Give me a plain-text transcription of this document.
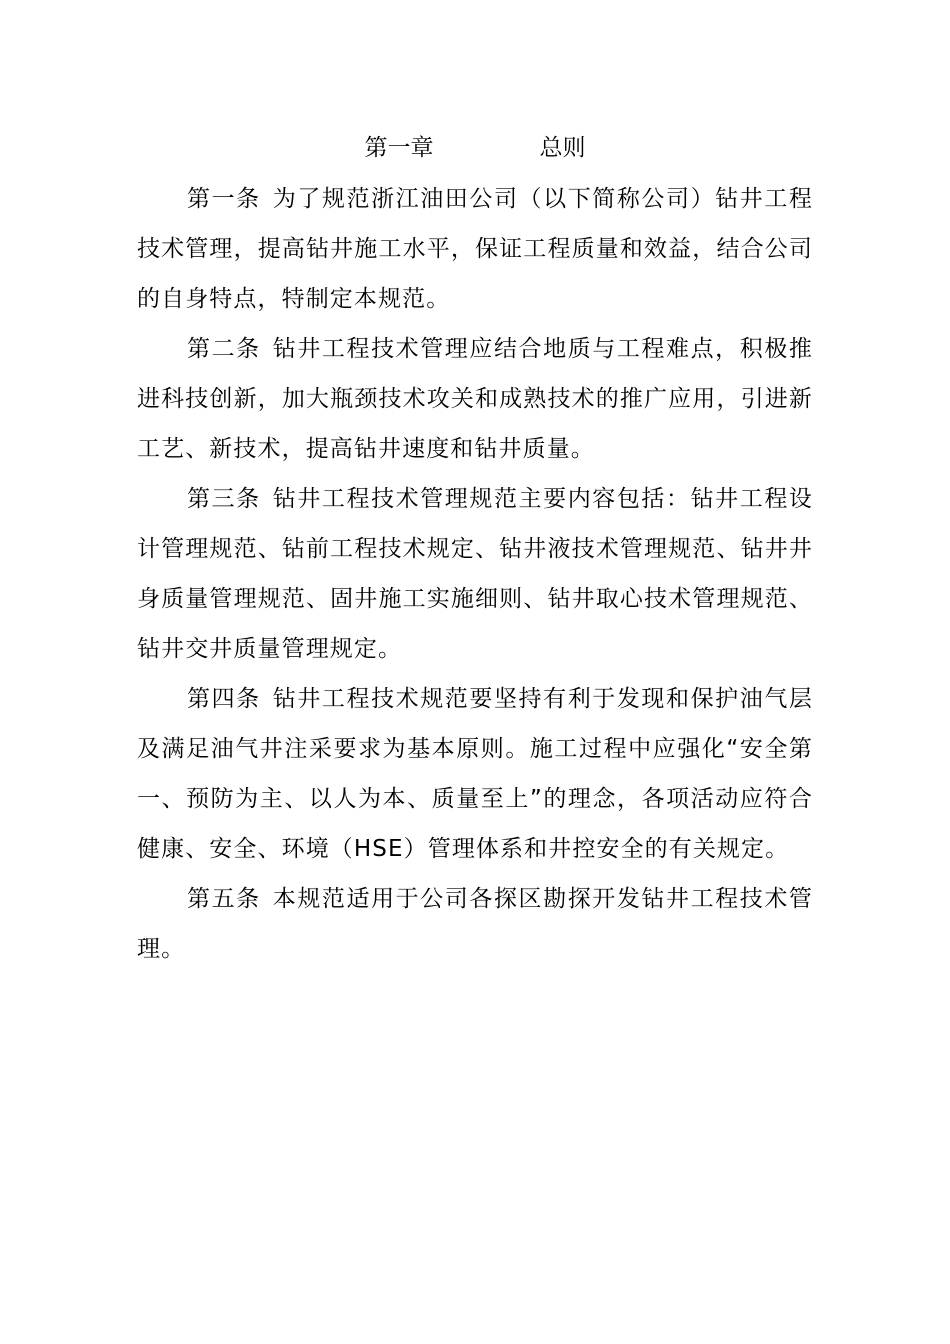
第一章	总则

第一条 为了规范浙江油田公司（以下简称公司）钻井工程技术管理，提高钻井施工水平，保证工程质量和效益，结合公司的自身特点，特制定本规范。

第二条 钻井工程技术管理应结合地质与工程难点，积极推进科技创新，加大瓶颈技术攻关和成熟技术的推广应用，引进新工艺、新技术，提高钻井速度和钻井质量。

第三条 钻井工程技术管理规范主要内容包括：钻井工程设计管理规范、钻前工程技术规定、钻井液技术管理规范、钻井井身质量管理规范、固井施工实施细则、钻井取心技术管理规范、钻井交井质量管理规定。

第四条 钻井工程技术规范要坚持有利于发现和保护油气层及满足油气井注采要求为基本原则。施工过程中应强化“安全第一、预防为主、以人为本、质量至上”的理念，各项活动应符合健康、安全、环境（HSE）管理体系和井控安全的有关规定。

第五条 本规范适用于公司各探区勘探开发钻井工程技术管理。
